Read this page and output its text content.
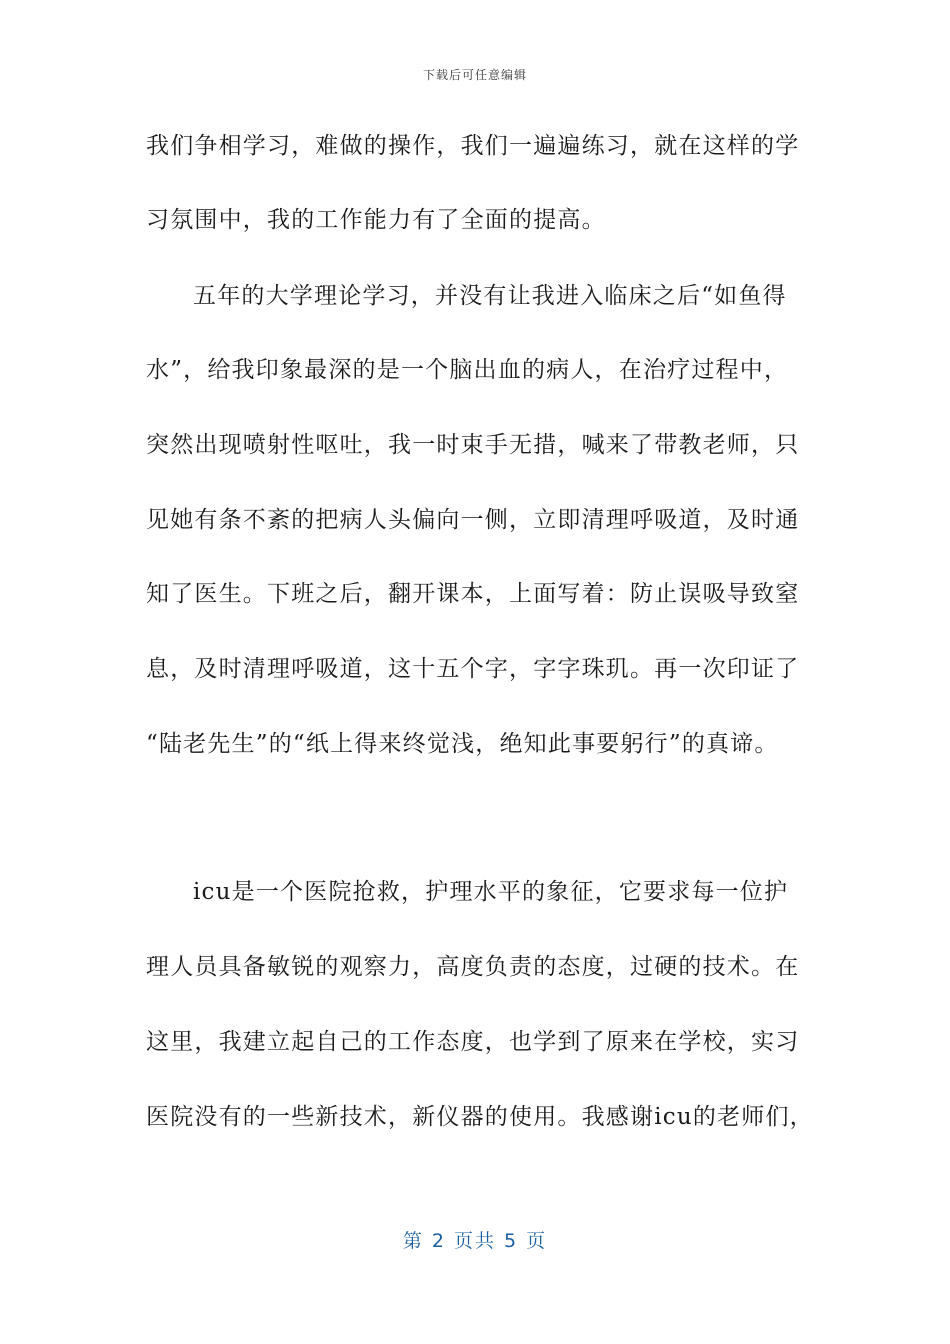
下载后可任意编辑
我们争相学习，难做的操作，我们一遍遍练习，就在这样的学
习氛围中，我的工作能力有了全面的提高。
五年的大学理论学习，并没有让我进入临床之后“如鱼得
水”，给我印象最深的是一个脑出血的病人，在治疗过程中，
突然出现喷射性呕吐，我一时束手无措，喊来了带教老师，只
见她有条不紊的把病人头偏向一侧，立即清理呼吸道，及时通
知了医生。下班之后，翻开课本，上面写着：防止误吸导致窒
息，及时清理呼吸道，这十五个字，字字珠玑。再一次印证了
“陆老先生”的“纸上得来终觉浅，绝知此事要躬行”的真谛。
icu是一个医院抢救，护理水平的象征，它要求每一位护
理人员具备敏锐的观察力，高度负责的态度，过硬的技术。在
这里，我建立起自己的工作态度，也学到了原来在学校，实习
医院没有的一些新技术，新仪器的使用。我感谢icu的老师们，
第 2 页共 5 页
